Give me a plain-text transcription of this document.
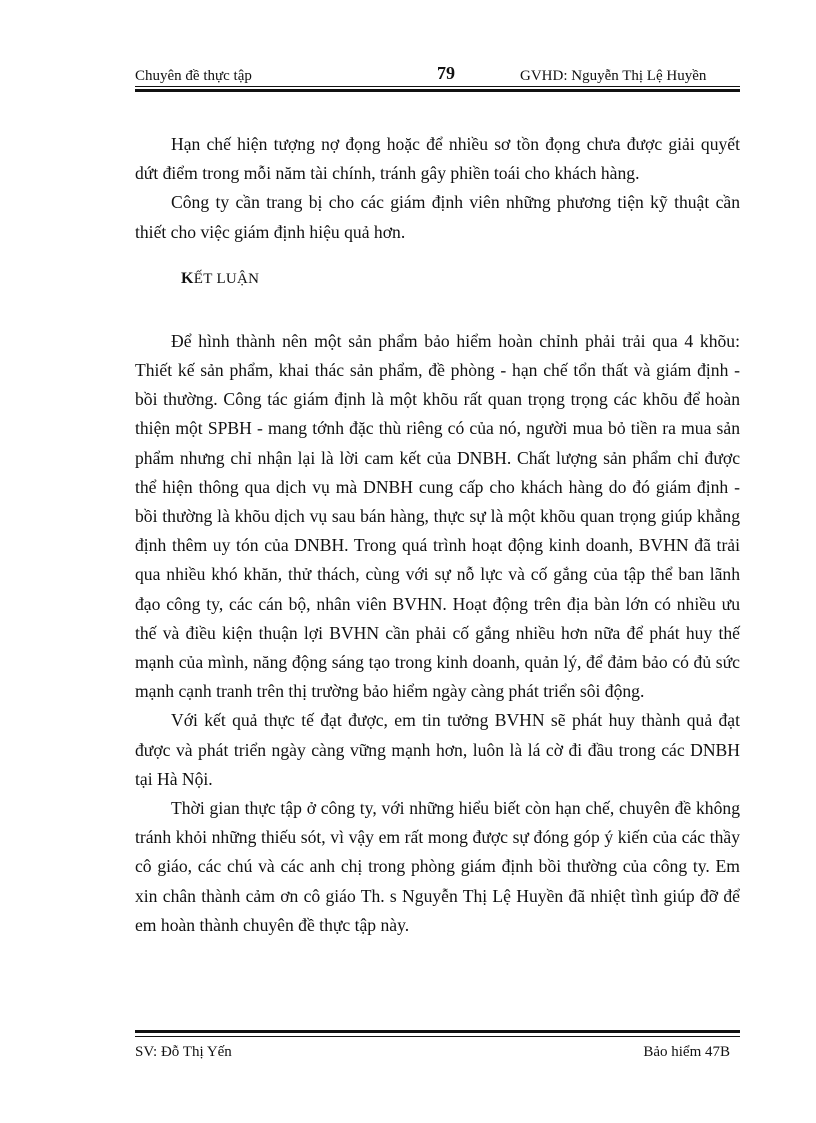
Chuyên đề thực tập	79	GVHD: Nguyễn Thị Lệ Huyền

Hạn chế hiện tượng nợ đọng hoặc để nhiều sơ tồn đọng chưa được giải quyết dứt điểm trong mỗi năm tài chính, tránh gây phiền toái cho khách hàng.

Công ty cần trang bị cho các giám định viên những phương tiện kỹ thuật cần thiết cho việc giám định hiệu quả hơn.

KẾT LUẬN

Để hình thành nên một sản phẩm bảo hiểm hoàn chỉnh phải trải qua 4 khõu: Thiết kế sản phẩm, khai thác sản phẩm, đề phòng - hạn chế tổn thất và giám định - bồi thường. Công tác giám định là một khõu rất quan trọng trọng các khõu để hoàn thiện một SPBH - mang tớnh đặc thù riêng có của nó, người mua bỏ tiền ra mua sản phẩm nhưng chỉ nhận lại là lời cam kết của DNBH. Chất lượng sản phẩm chỉ được thể hiện thông qua dịch vụ mà DNBH cung cấp cho khách hàng do đó giám định - bồi thường là khõu dịch vụ sau bán hàng, thực sự là một khõu quan trọng giúp khẳng định thêm uy tón của DNBH. Trong quá trình hoạt động kinh doanh, BVHN đã trải qua nhiều khó khăn, thử thách, cùng với sự nỗ lực và cố gắng của tập thể ban lãnh đạo công ty, các cán bộ, nhân viên BVHN. Hoạt động trên địa bàn lớn có nhiều ưu thế và điều kiện thuận lợi BVHN cần phải cố gắng nhiều hơn nữa để phát huy thế mạnh của mình, năng động sáng tạo trong kinh doanh, quản lý, để đảm bảo có đủ sức mạnh cạnh tranh trên thị trường bảo hiểm ngày càng phát triển sôi động.

Với kết quả thực tế đạt được, em tin tưởng BVHN sẽ phát huy thành quả đạt được và phát triển ngày càng vững mạnh hơn, luôn là lá cờ đi đầu trong các DNBH tại Hà Nội.

Thời gian thực tập ở công ty, với những hiểu biết còn hạn chế, chuyên đề không tránh khỏi những thiếu sót, vì vậy em rất mong được sự đóng góp ý kiến của các thầy cô giáo, các chú và các anh chị trong phòng giám định bồi thường của công ty. Em xin chân thành cảm ơn cô giáo Th. s Nguyễn Thị Lệ Huyền đã nhiệt tình giúp đỡ để em hoàn thành chuyên đề thực tập này.

SV: Đỗ Thị Yến	Bảo hiểm 47B
